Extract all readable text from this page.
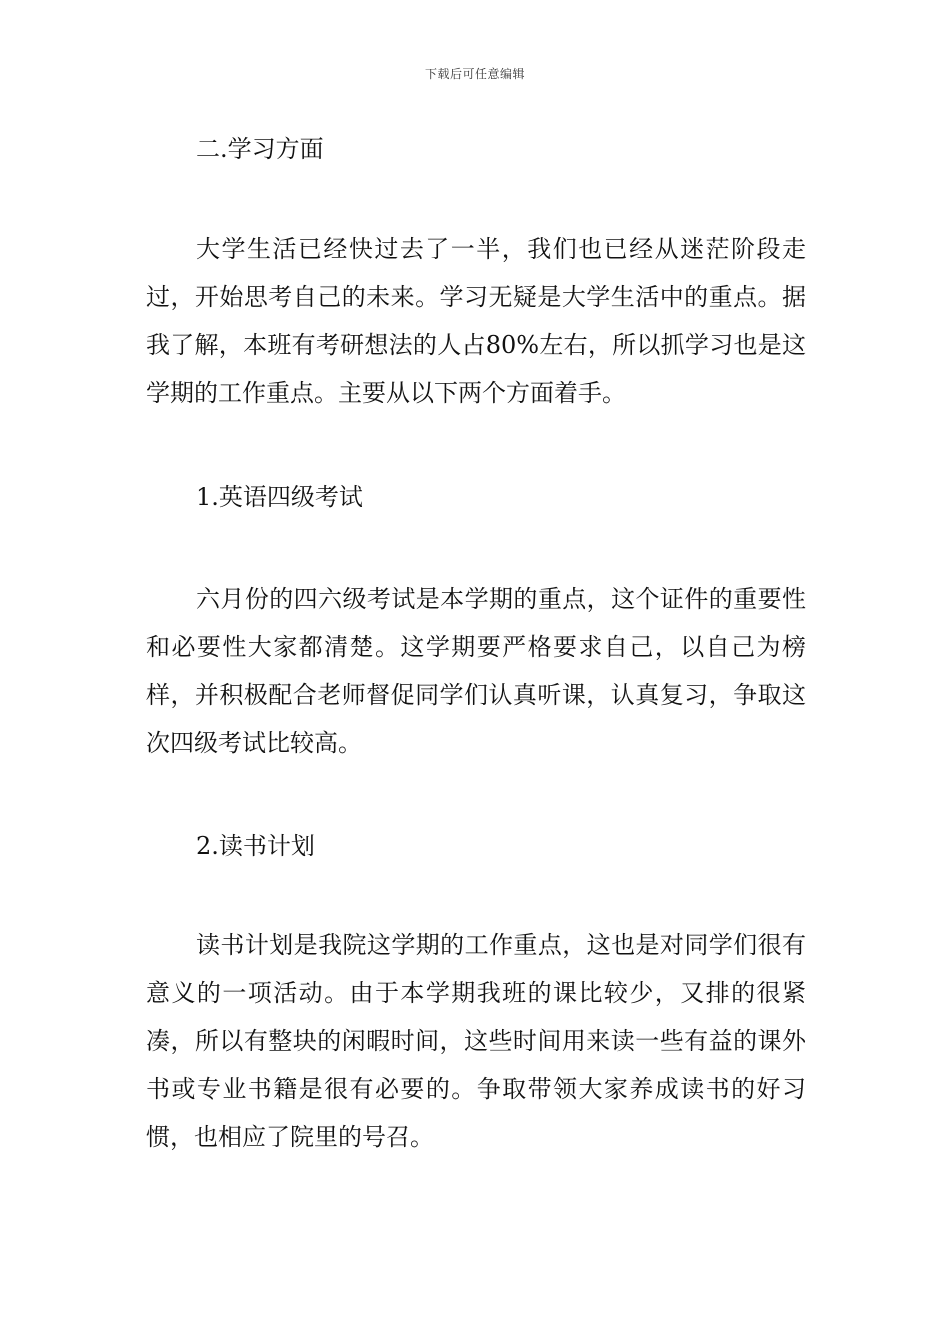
下载后可任意编辑
二.学习方面

大学生活已经快过去了一半，我们也已经从迷茫阶段走过，开始思考自己的未来。学习无疑是大学生活中的重点。据我了解，本班有考研想法的人占80%左右，所以抓学习也是这学期的工作重点。主要从以下两个方面着手。

1.英语四级考试

六月份的四六级考试是本学期的重点，这个证件的重要性和必要性大家都清楚。这学期要严格要求自己，以自己为榜样，并积极配合老师督促同学们认真听课，认真复习，争取这次四级考试比较高。

2.读书计划

读书计划是我院这学期的工作重点，这也是对同学们很有意义的一项活动。由于本学期我班的课比较少，又排的很紧凑，所以有整块的闲暇时间，这些时间用来读一些有益的课外书或专业书籍是很有必要的。争取带领大家养成读书的好习惯，也相应了院里的号召。
